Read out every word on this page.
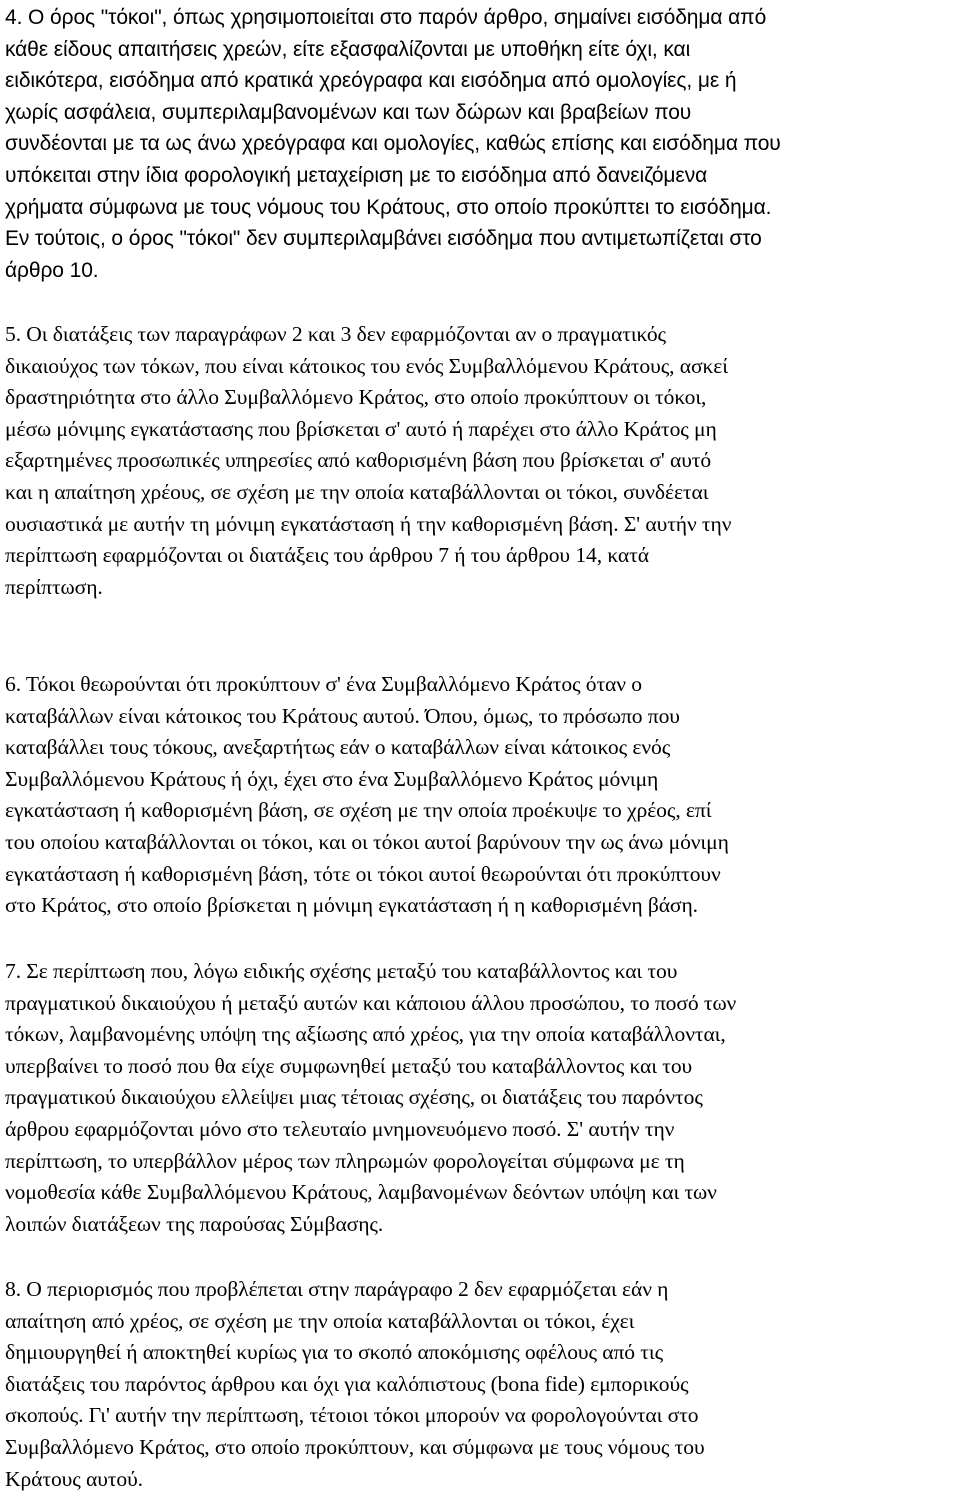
4. Ο όρος "τόκοι", όπως χρησιμοποιείται στο παρόν άρθρο, σημαίνει εισόδημα από
κάθε είδους απαιτήσεις χρεών, είτε εξασφαλίζονται με υποθήκη είτε όχι, και
ειδικότερα, εισόδημα από κρατικά χρεόγραφα και εισόδημα από ομολογίες, με ή
χωρίς ασφάλεια, συμπεριλαμβανομένων και των δώρων και βραβείων που
συνδέονται με τα ως άνω χρεόγραφα και ομολογίες, καθώς επίσης και εισόδημα που
υπόκειται στην ίδια φορολογική μεταχείριση με το εισόδημα από δανειζόμενα
χρήματα σύμφωνα με τους νόμους του Κράτους, στο οποίο προκύπτει το εισόδημα.
Εν τούτοις, ο όρος "τόκοι" δεν συμπεριλαμβάνει εισόδημα που αντιμετωπίζεται στο
άρθρο 10.
5. Οι διατάξεις των παραγράφων 2 και 3 δεν εφαρμόζονται αν ο πραγματικός
δικαιούχος των τόκων, που είναι κάτοικος του ενός Συμβαλλόμενου Κράτους, ασκεί
δραστηριότητα στο άλλο Συμβαλλόμενο Κράτος, στο οποίο προκύπτουν οι τόκοι,
μέσω μόνιμης εγκατάστασης που βρίσκεται σ' αυτό ή παρέχει στο άλλο Κράτος μη
εξαρτημένες προσωπικές υπηρεσίες από καθορισμένη βάση που βρίσκεται σ' αυτό
και η απαίτηση χρέους, σε σχέση με την οποία καταβάλλονται οι τόκοι, συνδέεται
ουσιαστικά με αυτήν τη μόνιμη εγκατάσταση ή την καθορισμένη βάση. Σ' αυτήν την
περίπτωση εφαρμόζονται οι διατάξεις του άρθρου 7 ή του άρθρου 14, κατά
περίπτωση.
6. Τόκοι θεωρούνται ότι προκύπτουν σ' ένα Συμβαλλόμενο Κράτος όταν ο
καταβάλλων είναι κάτοικος του Κράτους αυτού. Όπου, όμως, το πρόσωπο που
καταβάλλει τους τόκους, ανεξαρτήτως εάν ο καταβάλλων είναι κάτοικος ενός
Συμβαλλόμενου Κράτους ή όχι, έχει στο ένα Συμβαλλόμενο Κράτος μόνιμη
εγκατάσταση ή καθορισμένη βάση, σε σχέση με την οποία προέκυψε το χρέος, επί
του οποίου καταβάλλονται οι τόκοι, και οι τόκοι αυτοί βαρύνουν την ως άνω μόνιμη
εγκατάσταση ή καθορισμένη βάση, τότε οι τόκοι αυτοί θεωρούνται ότι προκύπτουν
στο Κράτος, στο οποίο βρίσκεται η μόνιμη εγκατάσταση ή η καθορισμένη βάση.
7. Σε περίπτωση που, λόγω ειδικής σχέσης μεταξύ του καταβάλλοντος και του
πραγματικού δικαιούχου ή μεταξύ αυτών και κάποιου άλλου προσώπου, το ποσό των
τόκων, λαμβανομένης υπόψη της αξίωσης από χρέος, για την οποία καταβάλλονται,
υπερβαίνει το ποσό που θα είχε συμφωνηθεί μεταξύ του καταβάλλοντος και του
πραγματικού δικαιούχου ελλείψει μιας τέτοιας σχέσης, οι διατάξεις του παρόντος
άρθρου εφαρμόζονται μόνο στο τελευταίο μνημονευόμενο ποσό. Σ' αυτήν την
περίπτωση, το υπερβάλλον μέρος των πληρωμών φορολογείται σύμφωνα με τη
νομοθεσία κάθε Συμβαλλόμενου Κράτους, λαμβανομένων δεόντων υπόψη και των
λοιπών διατάξεων της παρούσας Σύμβασης.
8. Ο περιορισμός που προβλέπεται στην παράγραφο 2 δεν εφαρμόζεται εάν η
απαίτηση από χρέος, σε σχέση με την οποία καταβάλλονται οι τόκοι, έχει
δημιουργηθεί ή αποκτηθεί κυρίως για το σκοπό αποκόμισης οφέλους από τις
διατάξεις του παρόντος άρθρου και όχι για καλόπιστους (bona fide) εμπορικούς
σκοπούς. Γι' αυτήν την περίπτωση, τέτοιοι τόκοι μπορούν να φορολογούνται στο
Συμβαλλόμενο Κράτος, στο οποίο προκύπτουν, και σύμφωνα με τους νόμους του
Κράτους αυτού.
